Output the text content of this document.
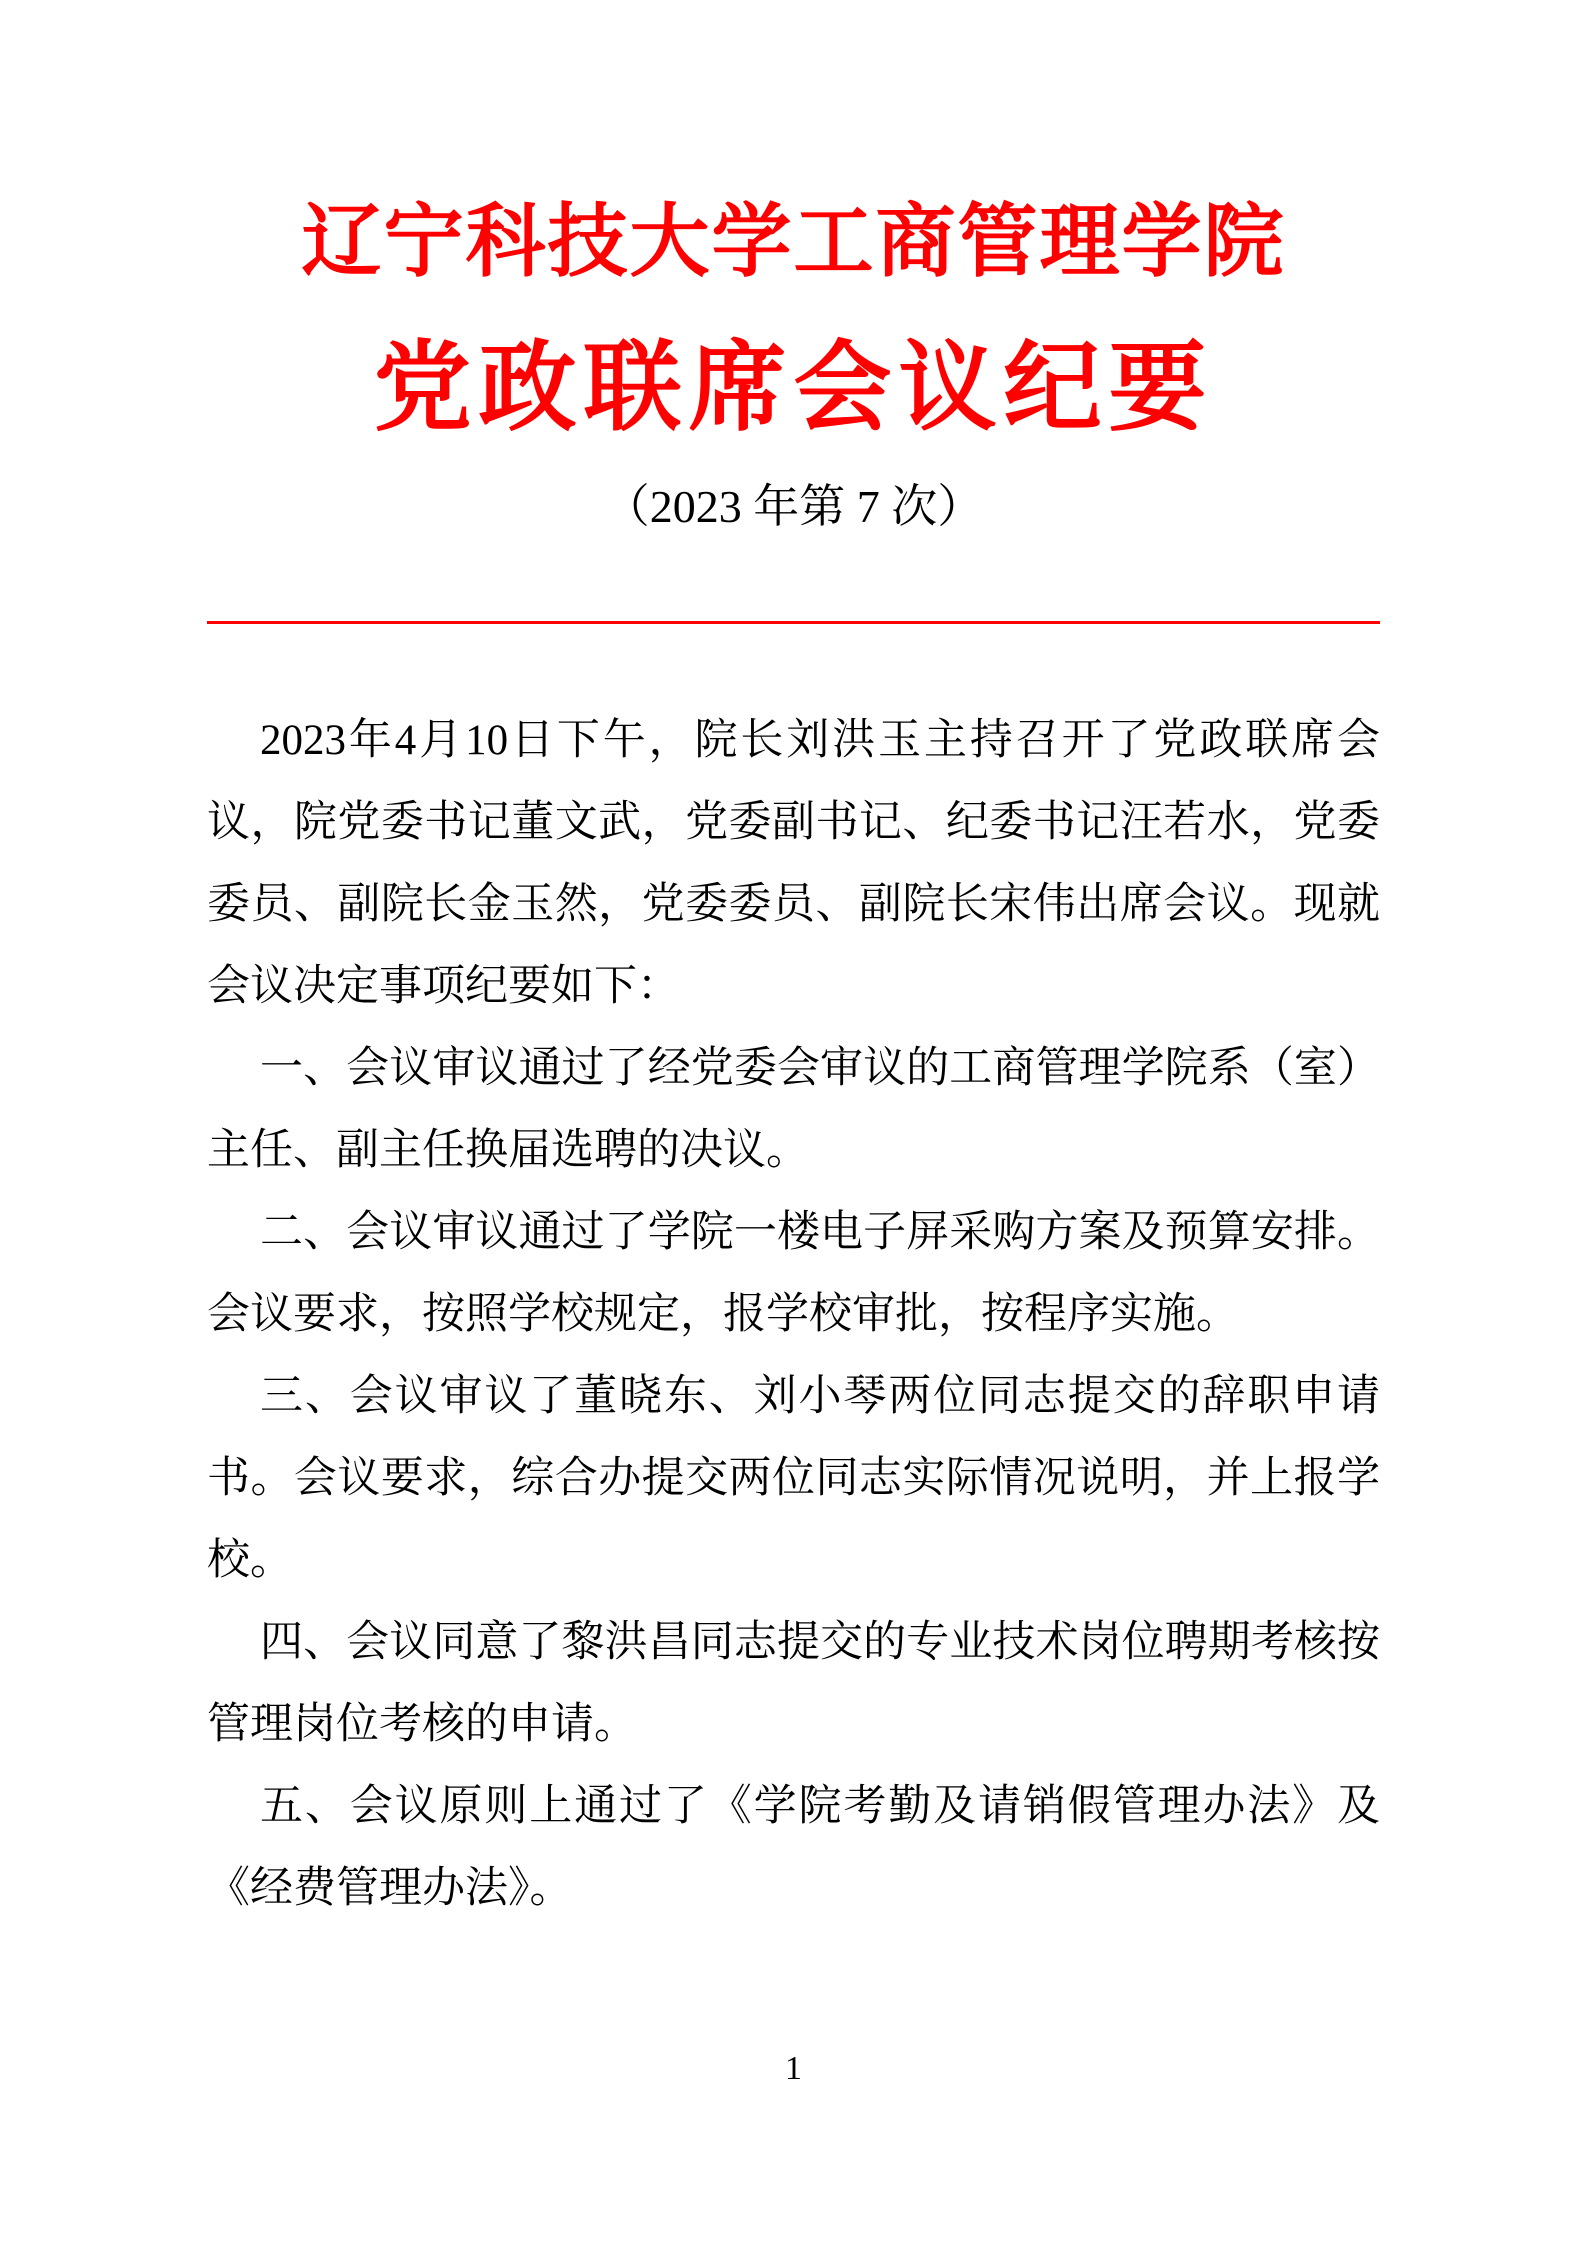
辽宁科技大学工商管理学院
党政联席会议纪要
（2023 年第 7 次）

2023年4月10日下午，院长刘洪玉主持召开了党政联席会议，院党委书记董文武，党委副书记、纪委书记汪若水，党委委员、副院长金玉然，党委委员、副院长宋伟出席会议。现就会议决定事项纪要如下：

一、会议审议通过了经党委会审议的工商管理学院系（室）主任、副主任换届选聘的决议。

二、会议审议通过了学院一楼电子屏采购方案及预算安排。会议要求，按照学校规定，报学校审批，按程序实施。

三、会议审议了董晓东、刘小琴两位同志提交的辞职申请书。会议要求，综合办提交两位同志实际情况说明，并上报学校。

四、会议同意了黎洪昌同志提交的专业技术岗位聘期考核按管理岗位考核的申请。

五、会议原则上通过了《学院考勤及请销假管理办法》及《经费管理办法》。

1
